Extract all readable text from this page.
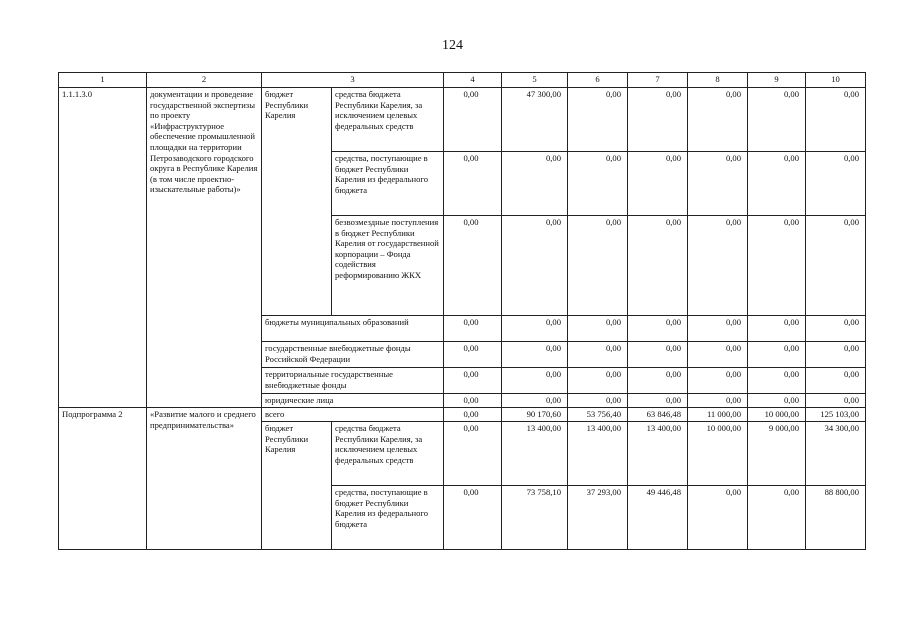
124
1	2	3		4	5	6	7	8	9	10
1.1.1.3.0	документации и проведение государственной экспертизы по проекту «Инфраструктурное обеспечение промышленной площадки на территории Петрозаводского городского округа в Республике Карелия (в том числе проектно-изыскательные работы)»	бюджет Республики Карелия	средства бюджета Республики Карелия, за исключением целевых федеральных средств	0,00	47 300,00	0,00	0,00	0,00	0,00	0,00
			средства, поступающие в бюджет Республики Карелия из федерального бюджета	0,00	0,00	0,00	0,00	0,00	0,00	0,00
			безвозмездные поступления в бюджет Республики Карелия от государственной корпорации – Фонда содействия реформированию ЖКХ	0,00	0,00	0,00	0,00	0,00	0,00	0,00
		бюджеты муниципальных образований		0,00	0,00	0,00	0,00	0,00	0,00	0,00
		государственные внебюджетные фонды Российской Федерации		0,00	0,00	0,00	0,00	0,00	0,00	0,00
		территориальные государственные внебюджетные фонды		0,00	0,00	0,00	0,00	0,00	0,00	0,00
		юридические лица		0,00	0,00	0,00	0,00	0,00	0,00	0,00
Подпрограмма 2	«Развитие малого и среднего предпринимательства»	всего		0,00	90 170,60	53 756,40	63 846,48	11 000,00	10 000,00	125 103,00
		бюджет Республики Карелия	средства бюджета Республики Карелия, за исключением целевых федеральных средств	0,00	13 400,00	13 400,00	13 400,00	10 000,00	9 000,00	34 300,00
			средства, поступающие в бюджет Республики Карелия из федерального бюджета	0,00	73 758,10	37 293,00	49 446,48	0,00	0,00	88 800,00
